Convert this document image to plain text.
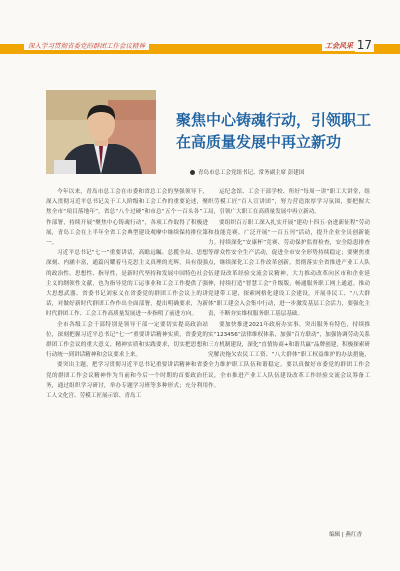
深入学习贯彻省委党的群团工作会议精神	工会风采 17
聚焦中心铸魂行动，引领职工在高质量发展中再立新功
青岛市总工会党组书记、常务副主席 彭建国

今年以来，青岛市总工会在市委和省总工会的坚强领导下，深入贯彻习近平总书记关于工人阶级和工会工作的重要论述，聚焦全市“项目落地年”，省总“八个过硬”和市总“五个一百头各”工作部署，持续开展“聚焦中心铸魂行动”，各项工作取得了积极进展，青岛工会在上半年全省工会典型建设观摩中继续保持排位第一。

习近平总书记“七一”重要讲话，高瞻远瞩、总揽全局、思想深刻、内涵丰富，通篇闪耀着马克思主义真理的光辉，具有很强的政治性、思想性、指导性，是新时代坚持和发展中国特色社会主义的纲领性文献，也为指导党的工运事业和工会工作提供了强大思想武器。省委书记刘家义在省委党的群团工作会议上的讲话，对做好新时代群团工作作出全面部署，提出明确要求，为新时代群团工作、工会工作高质量发展进一步指明了前进方向。

全市各级工会干部特别是领导干部一定要切实提高政治站位，深刻把握习近平总书记“七一”重要讲话精神实质，省委党的群团工作会议的重大意义、精神实质和实践要求，切实把思想和行动统一到讲话精神和会议要求上来。

要突出主题，把学习贯彻习近平总书记重要讲话精神和省委党的群团工作会议精神作为当前和今后一个时期的首要政治任务，通过组织学习研讨，举办专题学习班等多种形式；充分利用工人文化宫、劳模工匠展示馆、青岛工

运纪念馆、工会干部学校、所好“每周一讲”职工大讲堂，组织劳模工匠“百人宣讲团”，努力营造浓厚学习氛围，要把握大局，引领广大职工在高质量发展中再立新功。

要组织百万职工深入扎实开展“建功十四五·奋进新征程”劳动和技能竞赛，广泛开展“一百五刊”活动，提升企业全员创新能力。持续深化“安康杯”竞赛、劳动保护监督检查，安全隐患排查等群众性安全生产活动，促进全市安全形势持续稳定；要聚焦重点，继续深化工会工作改革创新。贯彻落实全省推进产业工人队伍建设改革经验交流会议精神，大力推动改革向区市和企业延伸，持续打造“智慧工会”升级版，畅通服务职工网上通道。推动党建带工建，探索网格化建设工会建设，开展非民工、“八大群体”职工建会入会集中行动，进一步激发基层工会活力，要强化主责，不断夯实维权服务职工基层基础。

要加快推进2021年政府办实事，突出服务有特色，持续推实“123456”法律维权体系，加强“百方联动”，加强协调劳动关系三方机制建设，深化“直情协商+和谐共赢”品牌创建，积极探索研究解决拖欠农民工工资、“八大群体”职工权益维护的办法措施，全力维护职工队伍和谐稳定。要以真做好市委党的群团工作会议，全市推进产业工人队伍建设改革工作经验交流会议筹备工作。

编辑 | 燕红香
